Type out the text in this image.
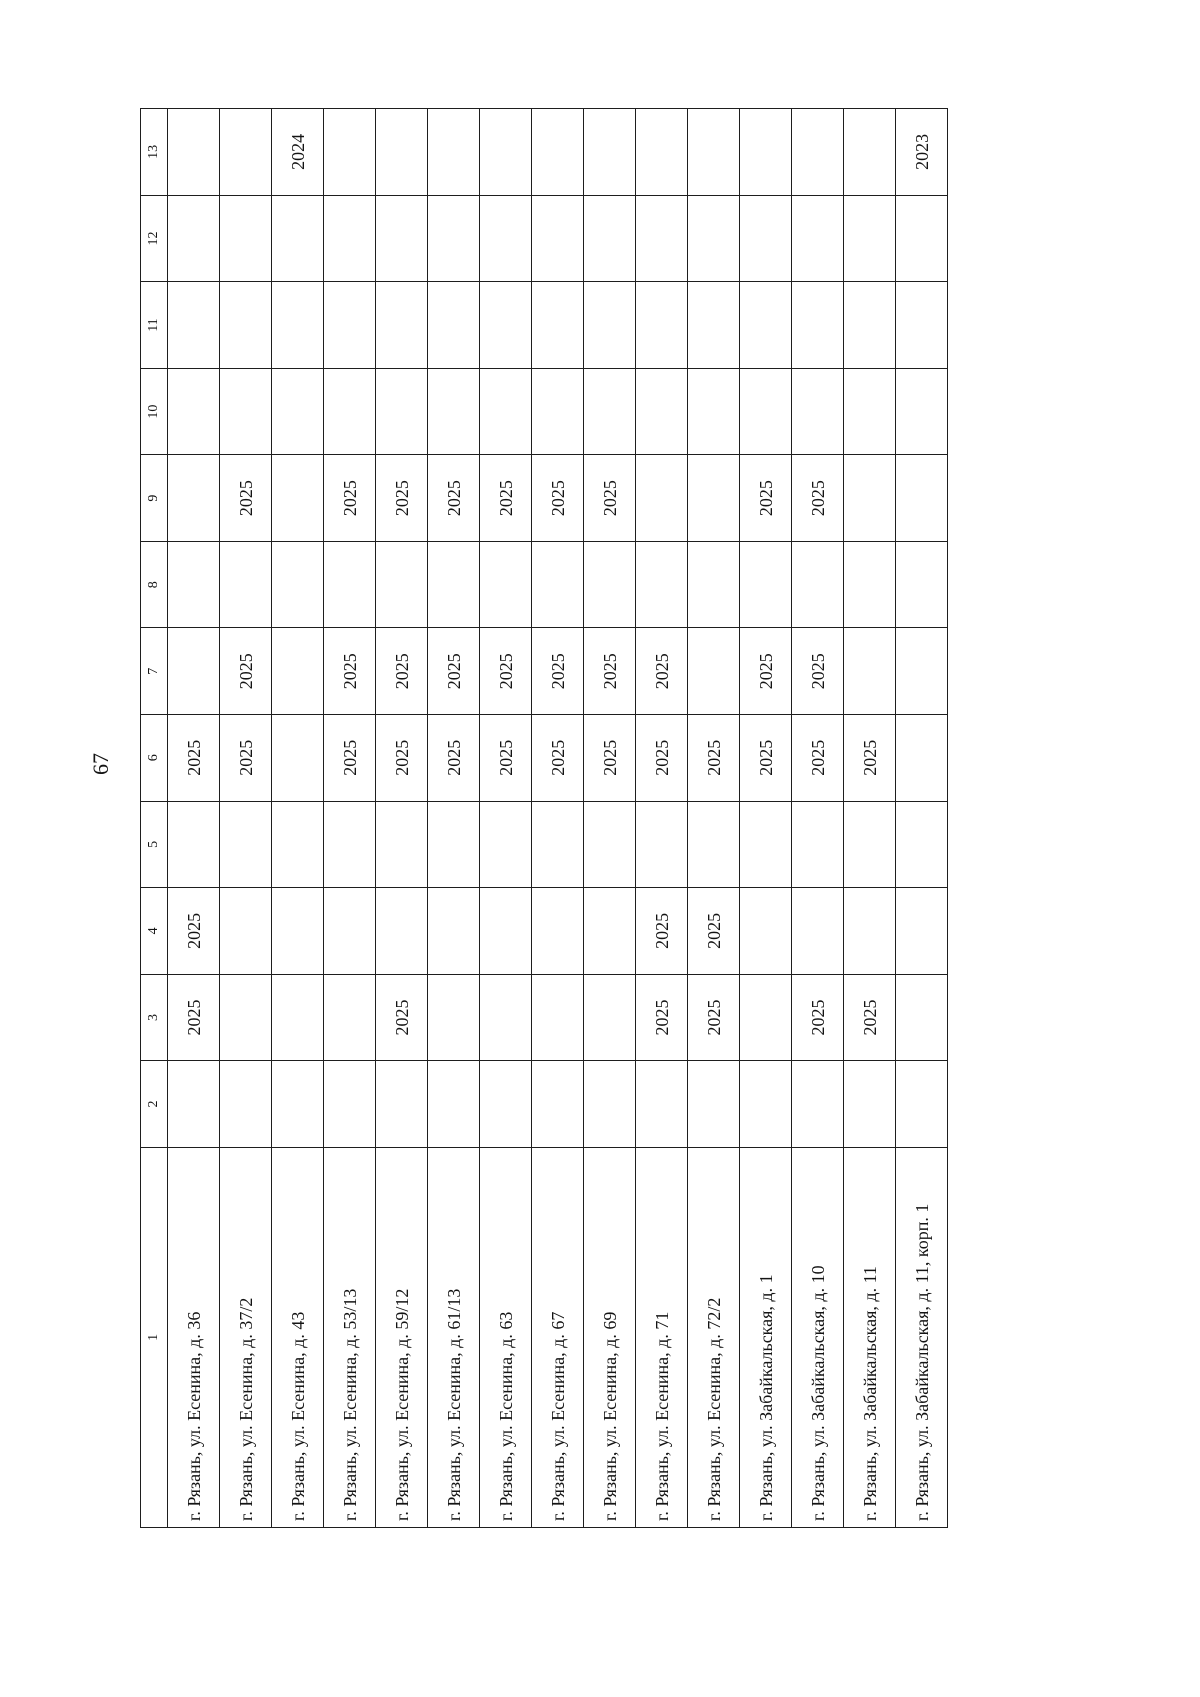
67
1	2	3	4	5	6	7	8	9	10	11	12	13
г. Рязань, ул. Есенина, д. 36		2025	2025		2025							
г. Рязань, ул. Есенина, д. 37/2					2025	2025		2025				
г. Рязань, ул. Есенина, д. 43												2024
г. Рязань, ул. Есенина, д. 53/13					2025	2025		2025				
г. Рязань, ул. Есенина, д. 59/12		2025			2025	2025		2025				
г. Рязань, ул. Есенина, д. 61/13					2025	2025		2025				
г. Рязань, ул. Есенина, д. 63					2025	2025		2025				
г. Рязань, ул. Есенина, д. 67					2025	2025		2025				
г. Рязань, ул. Есенина, д. 69					2025	2025		2025				
г. Рязань, ул. Есенина, д. 71		2025	2025		2025	2025						
г. Рязань, ул. Есенина, д. 72/2		2025	2025		2025							
г. Рязань, ул. Забайкальская, д. 1					2025	2025		2025				
г. Рязань, ул. Забайкальская, д. 10		2025			2025	2025		2025				
г. Рязань, ул. Забайкальская, д. 11		2025			2025							
г. Рязань, ул. Забайкальская, д. 11, корп. 1												2023
